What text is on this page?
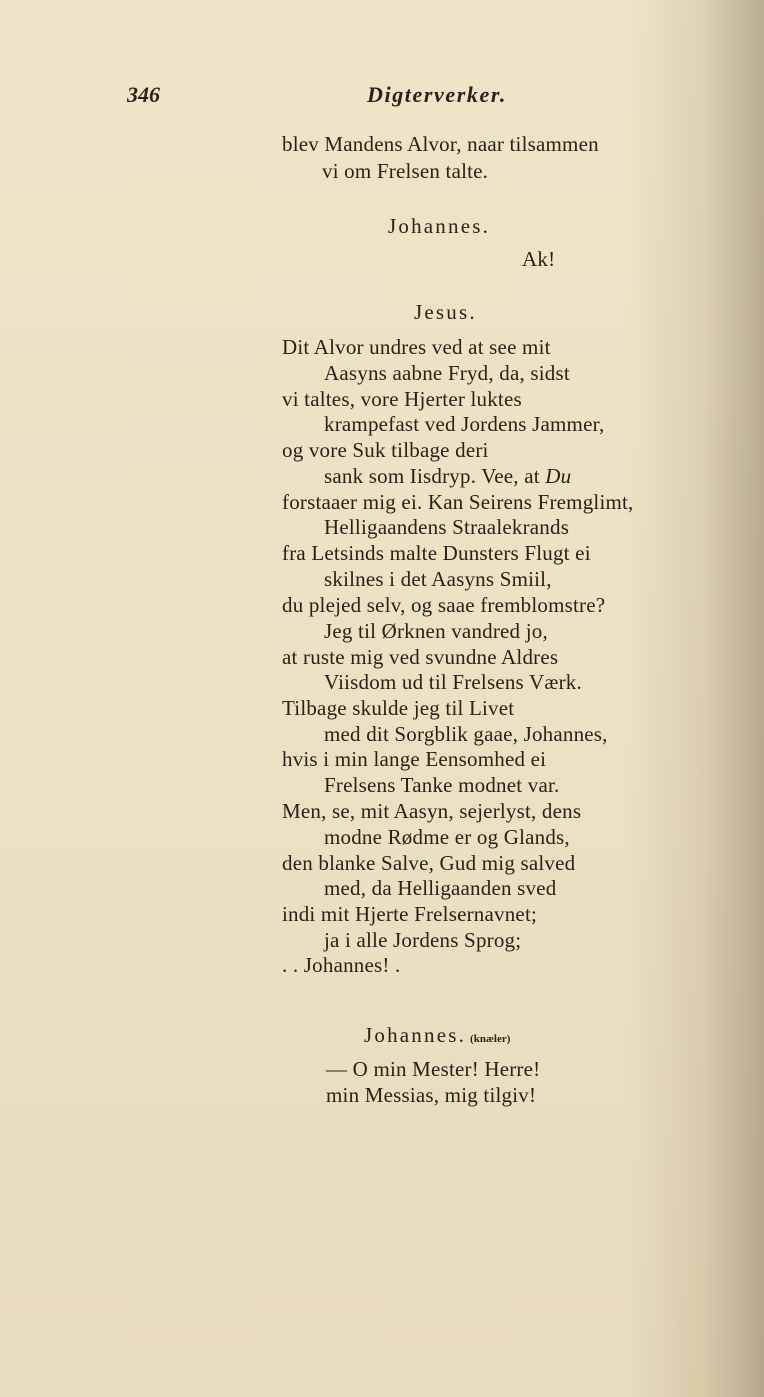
346	Digterverker.
blev Mandens Alvor, naar tilsammen
vi om Frelsen talte.
Johannes.
Ak!
Jesus.
Dit Alvor undres ved at see mit
Aasyns aabne Fryd, da, sidst
vi taltes, vore Hjerter luktes
krampefast ved Jordens Jammer,
og vore Suk tilbage deri
sank som Iisdryp. Vee, at Du
forstaaer mig ei. Kan Seirens Fremglimt,
Helligaandens Straalekrands
fra Letsinds malte Dunsters Flugt ei
skilnes i det Aasyns Smiil,
du plejed selv, og saae fremblomstre?
Jeg til Ørknen vandred jo,
at ruste mig ved svundne Aldres
Viisdom ud til Frelsens Værk.
Tilbage skulde jeg til Livet
med dit Sorgblik gaae, Johannes,
hvis i min lange Eensomhed ei
Frelsens Tanke modnet var.
Men, se, mit Aasyn, sejerlyst, dens
modne Rødme er og Glands,
den blanke Salve, Gud mig salved
med, da Helligaanden sved
indi mit Hjerte Frelsernavnet;
ja i alle Jordens Sprog;
. . Johannes! .
Johannes. (knæler)
— O min Mester! Herre!
min Messias, mig tilgiv!
